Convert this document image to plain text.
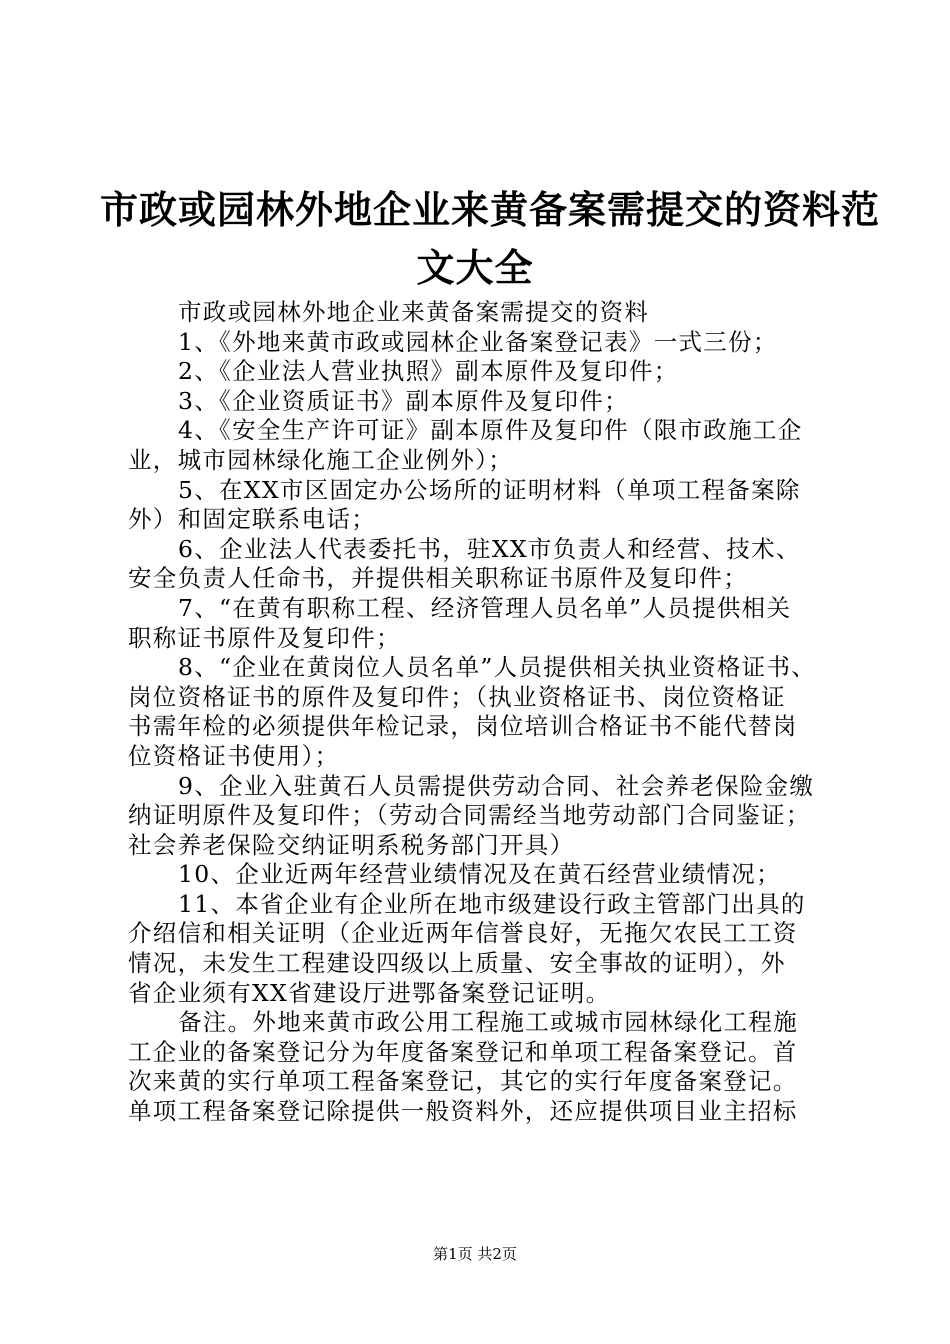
市政或园林外地企业来黄备案需提交的资料范
文大全
市政或园林外地企业来黄备案需提交的资料
1、《外地来黄市政或园林企业备案登记表》一式三份；
2、《企业法人营业执照》副本原件及复印件；
3、《企业资质证书》副本原件及复印件；
4、《安全生产许可证》副本原件及复印件（限市政施工企
业，城市园林绿化施工企业例外）；
5、在XX市区固定办公场所的证明材料（单项工程备案除
外）和固定联系电话；
6、企业法人代表委托书，驻XX市负责人和经营、技术、
安全负责人任命书，并提供相关职称证书原件及复印件；
7、“在黄有职称工程、经济管理人员名单”人员提供相关
职称证书原件及复印件；
8、“企业在黄岗位人员名单”人员提供相关执业资格证书、
岗位资格证书的原件及复印件；（执业资格证书、岗位资格证
书需年检的必须提供年检记录，岗位培训合格证书不能代替岗
位资格证书使用）；
9、企业入驻黄石人员需提供劳动合同、社会养老保险金缴
纳证明原件及复印件；（劳动合同需经当地劳动部门合同鉴证；
社会养老保险交纳证明系税务部门开具）
10、企业近两年经营业绩情况及在黄石经营业绩情况；
11、本省企业有企业所在地市级建设行政主管部门出具的
介绍信和相关证明（企业近两年信誉良好，无拖欠农民工工资
情况，未发生工程建设四级以上质量、安全事故的证明），外
省企业须有XX省建设厅进鄂备案登记证明。
备注。外地来黄市政公用工程施工或城市园林绿化工程施
工企业的备案登记分为年度备案登记和单项工程备案登记。首
次来黄的实行单项工程备案登记，其它的实行年度备案登记。
单项工程备案登记除提供一般资料外，还应提供项目业主招标
第1页 共2页
